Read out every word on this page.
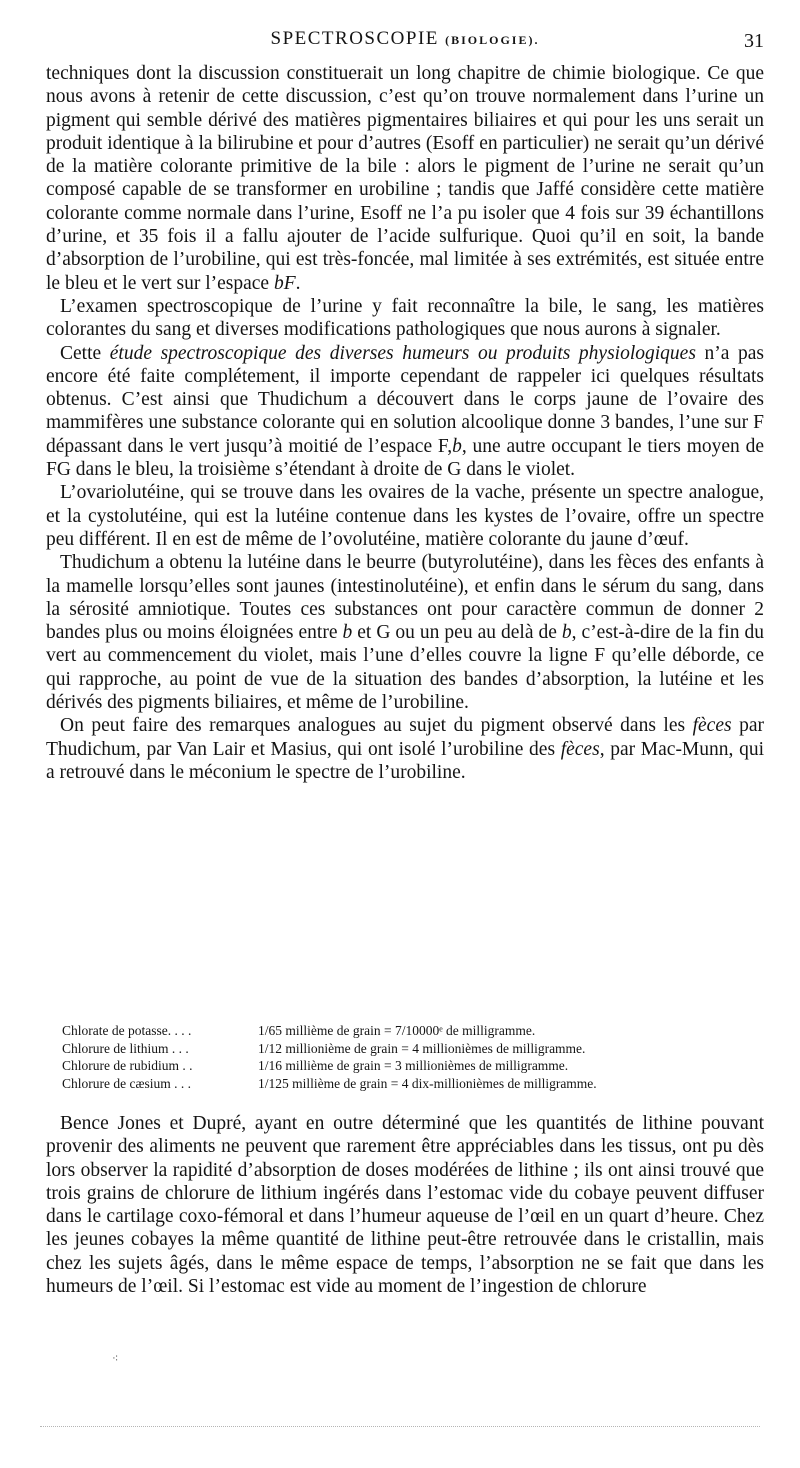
SPECTROSCOPIE (BIOLOGIE).	31

techniques dont la discussion constituerait un long chapitre de chimie biologique. Ce que nous avons à retenir de cette discussion, c’est qu’on trouve normalement dans l’urine un pigment qui semble dérivé des matières pigmentaires biliaires et qui pour les uns serait un produit identique à la bilirubine et pour d’autres (Esoff en particulier) ne serait qu’un dérivé de la matière colorante primitive de la bile : alors le pigment de l’urine ne serait qu’un composé capable de se transformer en urobiline ; tandis que Jaffé considère cette matière colorante comme normale dans l’urine, Esoff ne l’a pu isoler que 4 fois sur 39 échantillons d’urine, et 35 fois il a fallu ajouter de l’acide sulfurique. Quoi qu’il en soit, la bande d’absorption de l’urobiline, qui est très-foncée, mal limitée à ses extrémités, est située entre le bleu et le vert sur l’espace bF.

L’examen spectroscopique de l’urine y fait reconnaître la bile, le sang, les matières colorantes du sang et diverses modifications pathologiques que nous aurons à signaler.

Cette étude spectroscopique des diverses humeurs ou produits physiologiques n’a pas encore été faite complétement, il importe cependant de rappeler ici quelques résultats obtenus. C’est ainsi que Thudichum a découvert dans le corps jaune de l’ovaire des mammifères une substance colorante qui en solution alcoolique donne 3 bandes, l’une sur F dépassant dans le vert jusqu’à moitié de l’espace F,b, une autre occupant le tiers moyen de FG dans le bleu, la troisième s’étendant à droite de G dans le violet.

L’ovariolutéine, qui se trouve dans les ovaires de la vache, présente un spectre analogue, et la cystolutéine, qui est la lutéine contenue dans les kystes de l’ovaire, offre un spectre peu différent. Il en est de même de l’ovolutéine, matière colorante du jaune d’œuf.

Thudichum a obtenu la lutéine dans le beurre (butyrolutéine), dans les fèces des enfants à la mamelle lorsqu’elles sont jaunes (intestinolutéine), et enfin dans le sérum du sang, dans la sérosité amniotique. Toutes ces substances ont pour caractère commun de donner 2 bandes plus ou moins éloignées entre b et G ou un peu au delà de b, c’est-à-dire de la fin du vert au commencement du violet, mais l’une d’elles couvre la ligne F qu’elle déborde, ce qui rapproche, au point de vue de la situation des bandes d’absorption, la lutéine et les dérivés des pigments biliaires, et même de l’urobiline.

On peut faire des remarques analogues au sujet du pigment observé dans les fèces par Thudichum, par Van Lair et Masius, qui ont isolé l’urobiline des fèces, par Mac-Munn, qui a retrouvé dans le méconium le spectre de l’urobiline.

Chlorate de potasse. . . .	1/65 millième de grain = 7/10000ᵉ de milligramme.
Chlorure de lithium . . .	1/12 millionième de grain = 4 millionièmes de milligramme.
Chlorure de rubidium . .	1/16 millième de grain = 3 millionièmes de milligramme.
Chlorure de cæsium . . .	1/125 millième de grain = 4 dix-millionièmes de milligramme.

Bence Jones et Dupré, ayant en outre déterminé que les quantités de lithine pouvant provenir des aliments ne peuvent que rarement être appréciables dans les tissus, ont pu dès lors observer la rapidité d’absorption de doses modérées de lithine ; ils ont ainsi trouvé que trois grains de chlorure de lithium ingérés dans l’estomac vide du cobaye peuvent diffuser dans le cartilage coxo-fémoral et dans l’humeur aqueuse de l’œil en un quart d’heure. Chez les jeunes cobayes la même quantité de lithine peut-être retrouvée dans le cristallin, mais chez les sujets âgés, dans le même espace de temps, l’absorption ne se fait que dans les humeurs de l’œil. Si l’estomac est vide au moment de l’ingestion de chlorure

⁖
